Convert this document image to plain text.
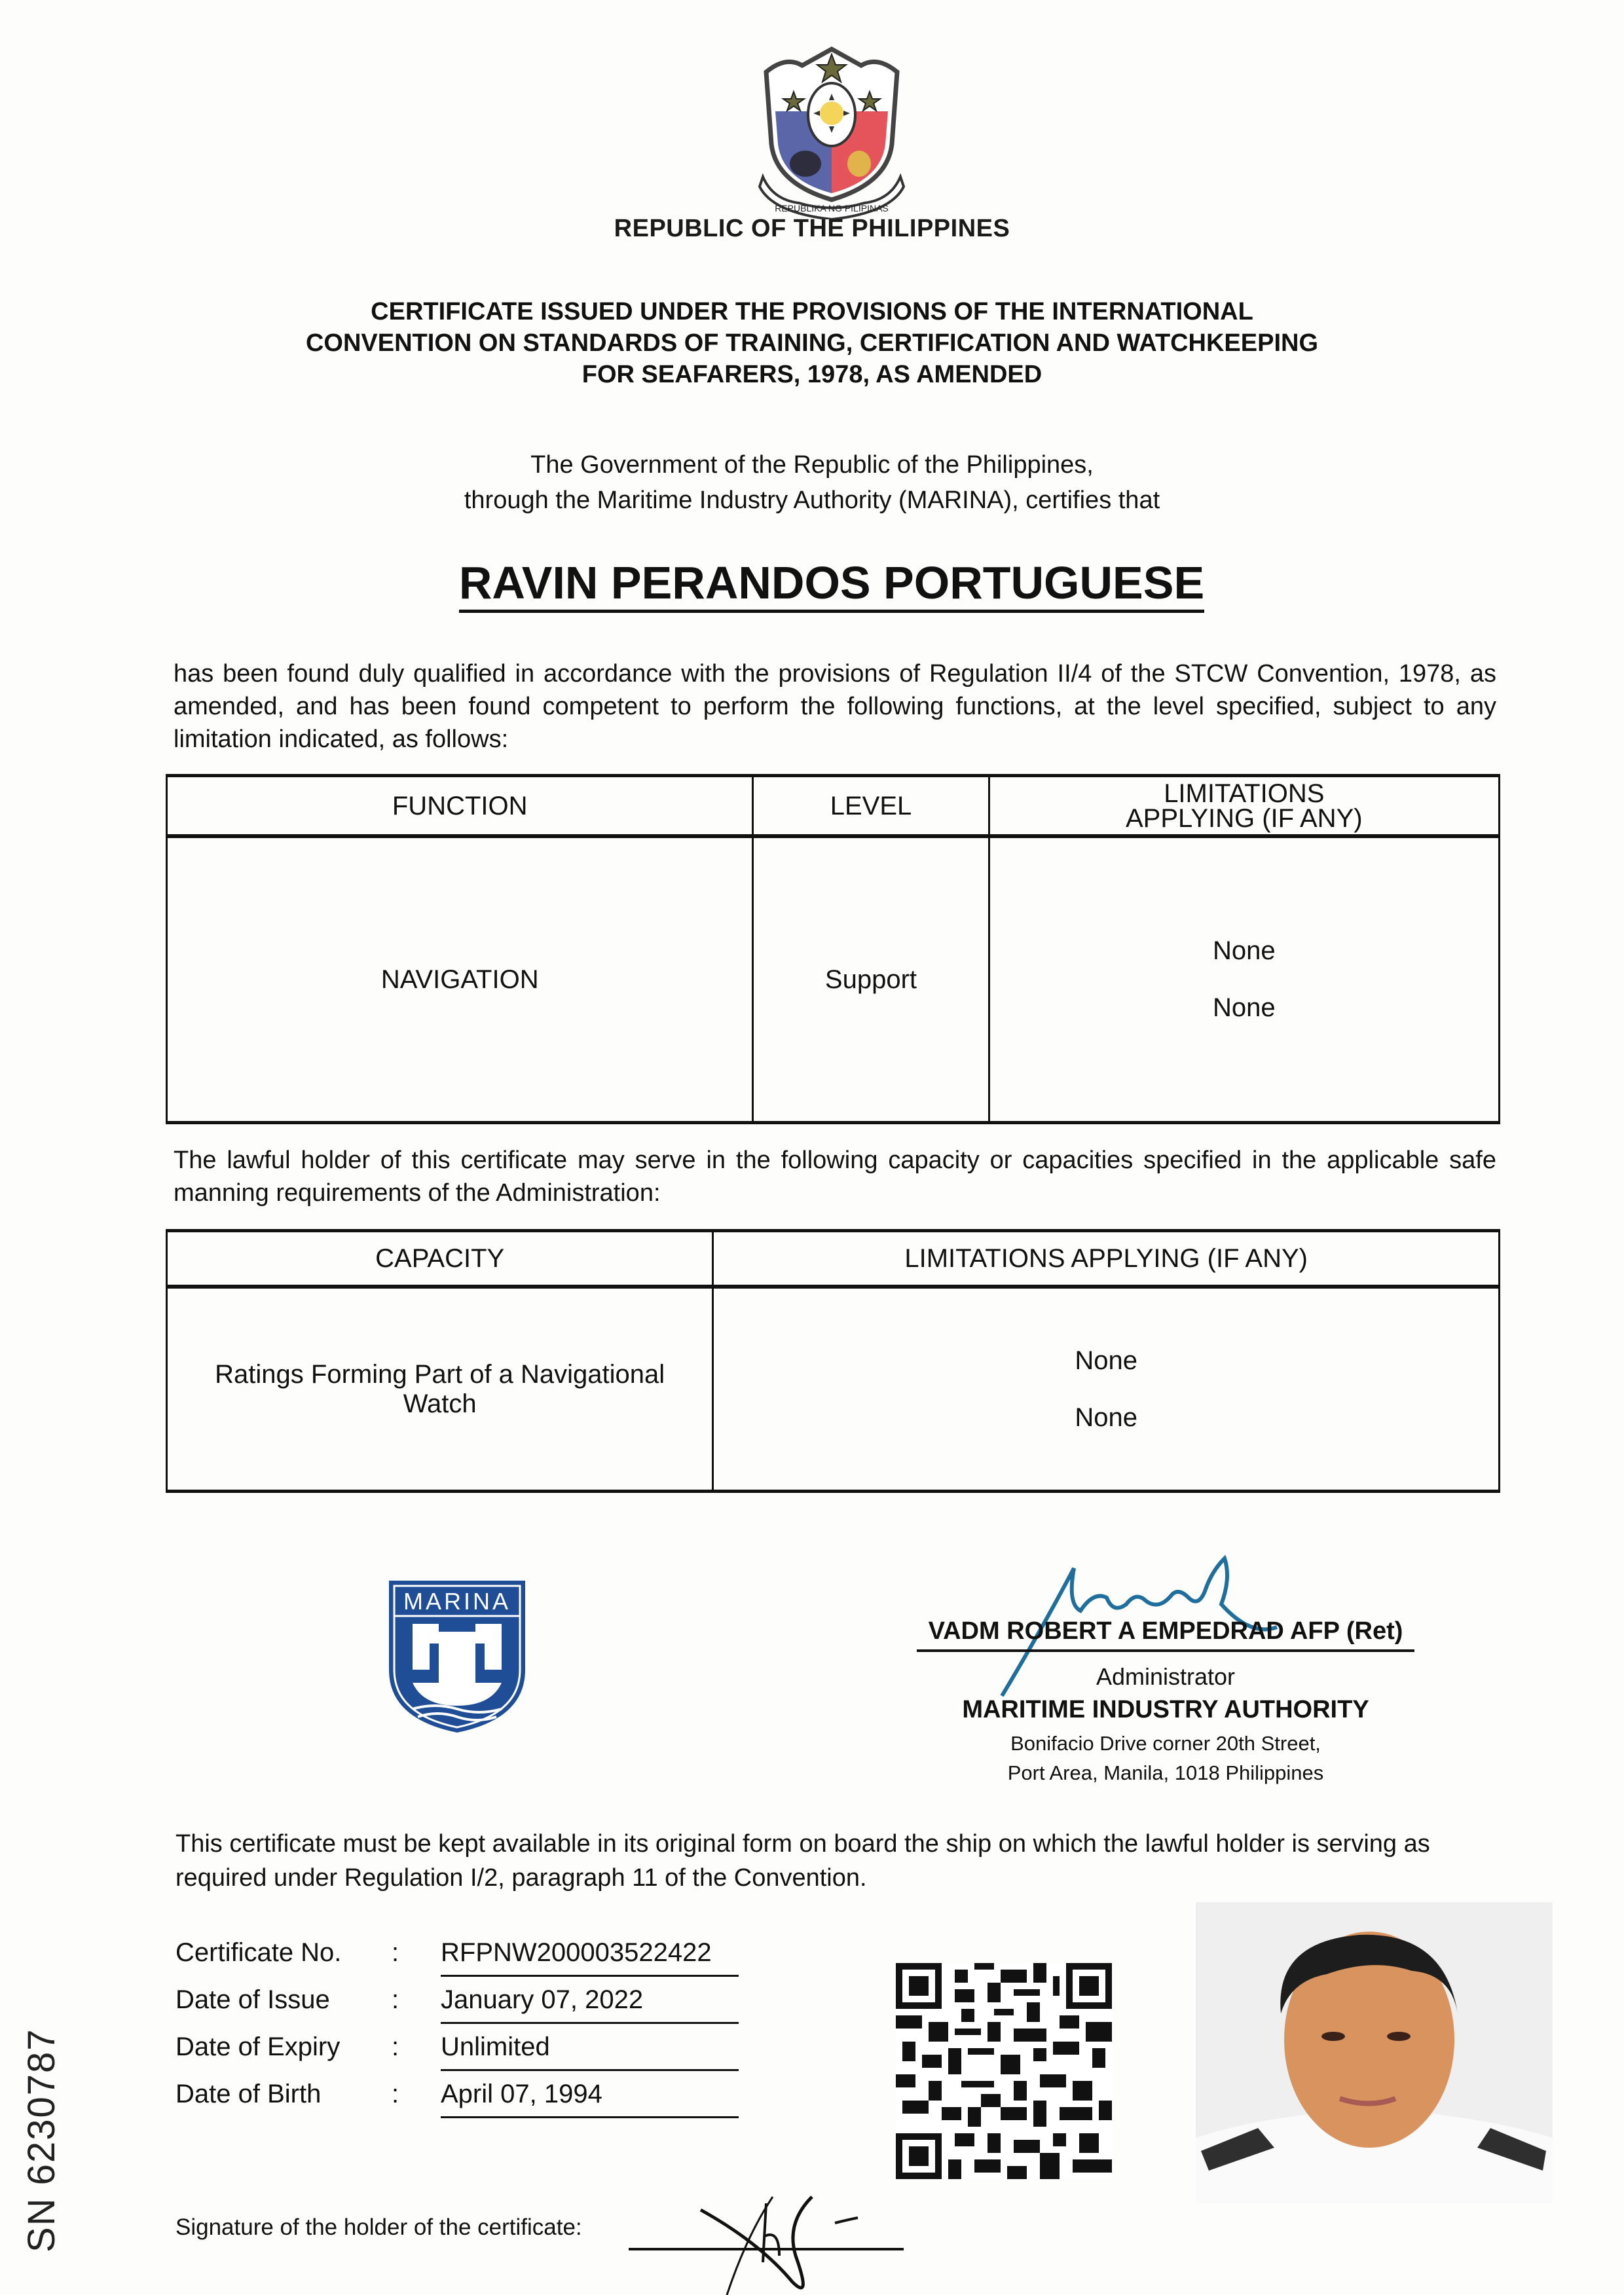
REPUBLIKA NG PILIPINAS
REPUBLIC OF THE PHILIPPINES
CERTIFICATE ISSUED UNDER THE PROVISIONS OF THE INTERNATIONAL
CONVENTION ON STANDARDS OF TRAINING, CERTIFICATION AND WATCHKEEPING
FOR SEAFARERS, 1978, AS AMENDED
The Government of the Republic of the Philippines,
through the Maritime Industry Authority (MARINA), certifies that
RAVIN PERANDOS PORTUGUESE
has been found duly qualified in accordance with the provisions of Regulation II/4 of the STCW Convention, 1978, as amended, and has been found competent to perform the following functions, at the level specified, subject to any limitation indicated, as follows:
FUNCTION	LEVEL	LIMITATIONS
APPLYING (IF ANY)

NAVIGATION	Support	None
None
The lawful holder of this certificate may serve in the following capacity or capacities specified in the applicable safe manning requirements of the Administration:
CAPACITY	LIMITATIONS APPLYING (IF ANY)

Ratings Forming Part of a Navigational
Watch

None
None
MARINA
VADM ROBERT A EMPEDRAD AFP (Ret)
Administrator
MARITIME INDUSTRY AUTHORITY
Bonifacio Drive corner 20th Street,
Port Area, Manila, 1018 Philippines
This certificate must be kept available in its original form on board the ship on which the lawful holder is serving as required under Regulation I/2, paragraph 11 of the Convention.
Certificate No. : RFPNW200003522422
Date of Issue : January 07, 2022
Date of Expiry : Unlimited
Date of Birth	: April 07, 1994
SN 6230787	Signature of the holder of the certificate:
